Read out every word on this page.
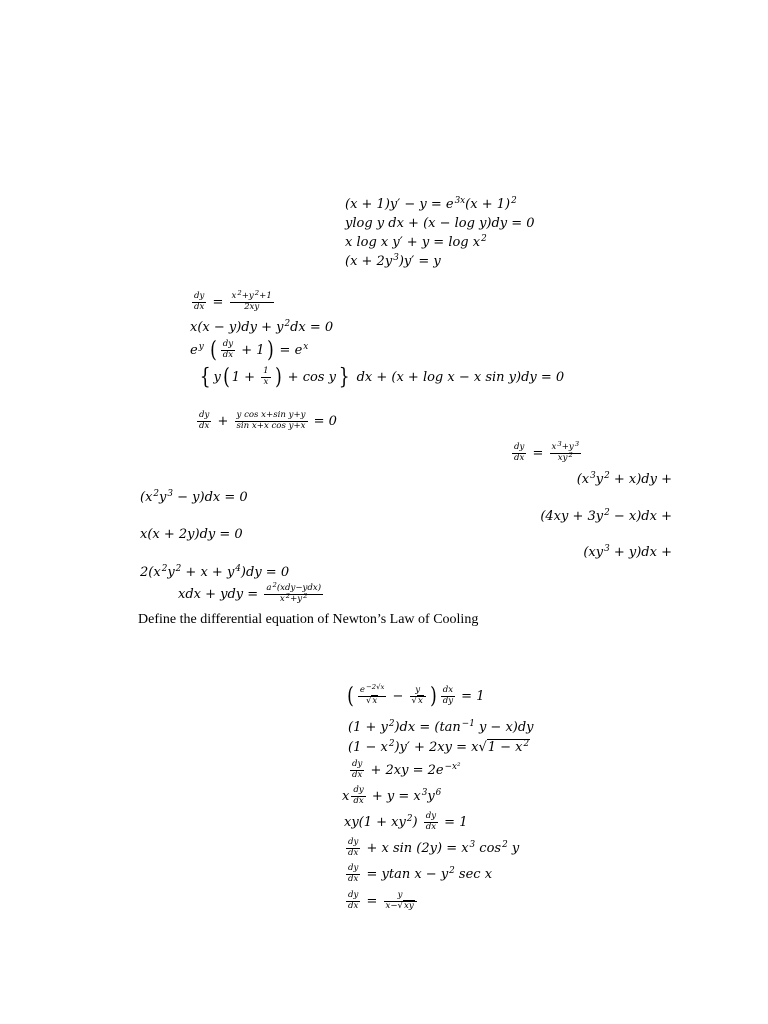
$(x + 1)y' - y = e^{3x}(x + 1)^2$
ylog y dx + (x − log y)dy = 0
x log x $y' + y = \log x^2$
$(x + 2y^3)y' = y$
$\frac{dy}{dx} = \frac{x^2+y^2+1}{2xy}$
$x(x - y)dy + y^2dx = 0$
$e^y$ ( $\frac{dy}{dx} + 1) = e^x$
{ y( $1 + \frac{1}{x}$ ) + cos y } dx + (x + log x − x sin y)dy = 0
$\frac{dy}{dx} + \frac{\text{y cos x+sin y+y}}{\text{sin x+x cos y+x}} = 0$
$\frac{dy}{dx} = \frac{x^3+y^3}{xy^2}$
$(x^3y^2 + x)dy$ +
$(x^2y^3 - y)dx = 0$
$(4xy + 3y^2 - x)dx$ +
x(x + 2y)dy = 0
$(xy^3 + y)dx$ +
$2(x^2y^2 + x + y^4)dy = 0$
xdx + ydy = $\frac{a^2(xdy-ydx)}{x^2+y^2}$
Define the differential equation of Newton’s Law of Cooling
( $e^{-2√x}$
√ x − y
√ x ) $\frac{dx}{dy} = 1$
$(1 + y^2)dx = (\tan^{-1}$ y − x)dy
$(1 - x^2)y' + 2xy = x√$ $1 - x^2$
$\frac{dy}{dx} + 2xy = 2e^{-x^2}$
x $\frac{dy}{dx} + y = x^3y^6$
$xy(1 + xy^2) \frac{dy}{dx} = 1$
$\frac{dy}{dx} + x$ $\sin (2y) = x^3$ $\cos^2 y$
$\frac{dy}{dx} = ytan$ $x - y^2$ sec x
$\frac{dy}{dx} = \frac{y}{x-√ xy}$
